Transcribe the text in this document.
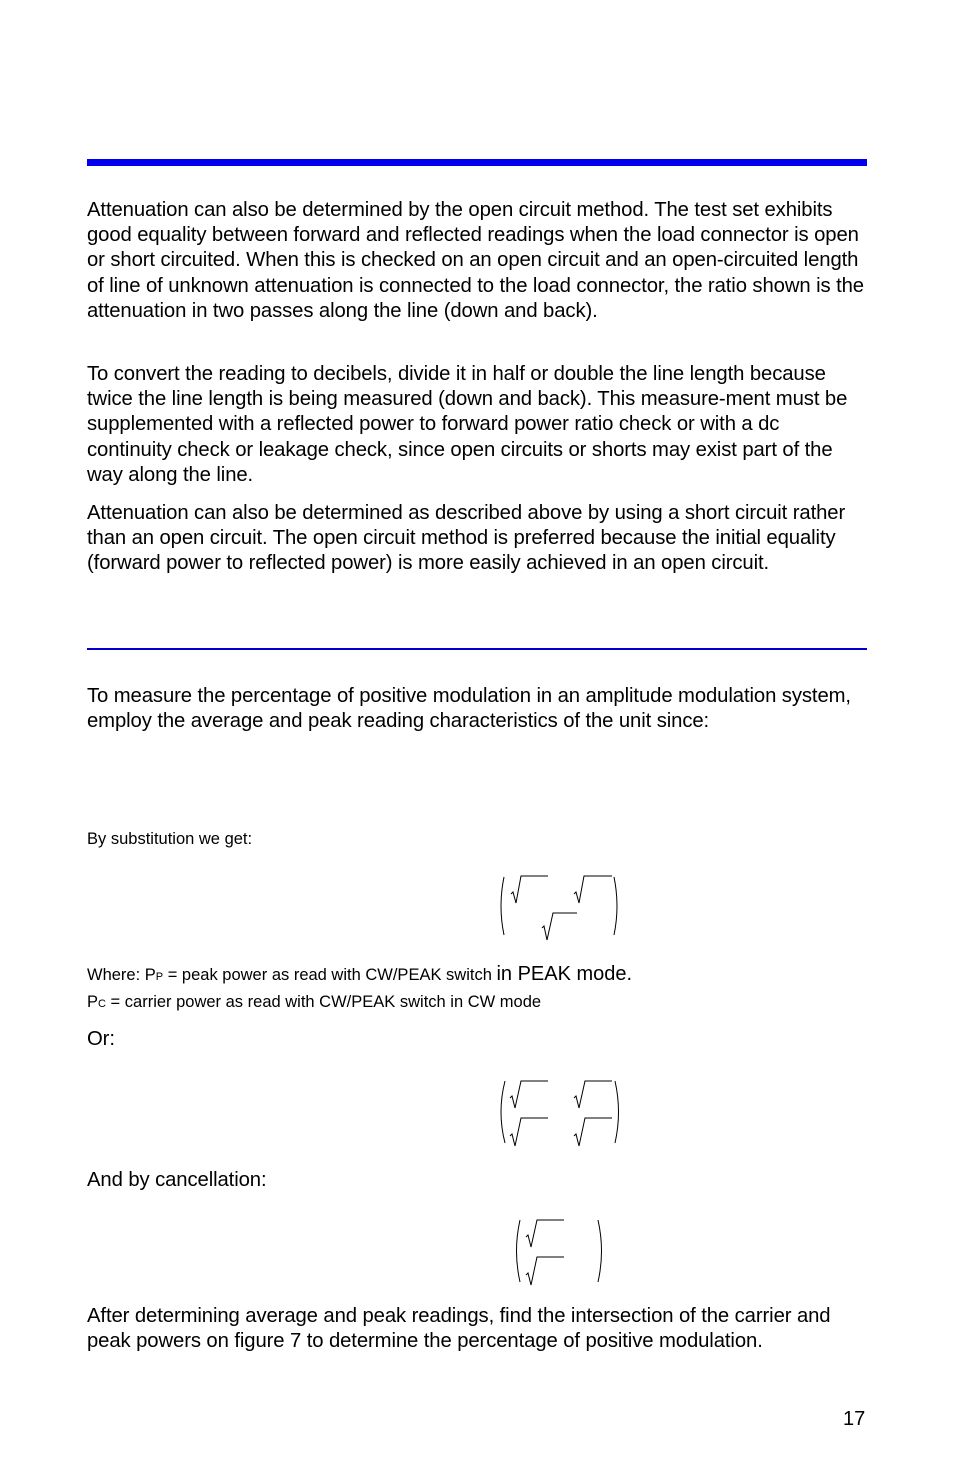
Attenuation can also be determined by the open circuit method. The test set exhibits good equality between forward and reflected readings when the load connector is open or short circuited. When this is checked on an open circuit and an open-circuited length of line of unknown attenuation is connected to the load connector, the ratio shown is the attenuation in two passes along the line (down and back).

To convert the reading to decibels, divide it in half or double the line length because twice the line length is being measured (down and back). This measure-ment must be supplemented with a reflected power to forward power ratio check or with a dc continuity check or leakage check, since open circuits or shorts may exist part of the way along the line.

Attenuation can also be determined as described above by using a short circuit rather than an open circuit. The open circuit method is preferred because the initial equality (forward power to reflected power) is more easily achieved in an open circuit.

To measure the percentage of positive modulation in an amplitude modulation system, employ the average and peak reading characteristics of the unit since:

By substitution we get:

Where: PP = peak power as read with CW/PEAK switch in PEAK mode.
PC = carrier power as read with CW/PEAK switch in CW mode

Or:

And by cancellation:

After determining average and peak readings, find the intersection of the carrier and peak powers on figure 7 to determine the percentage of positive modulation.

17
